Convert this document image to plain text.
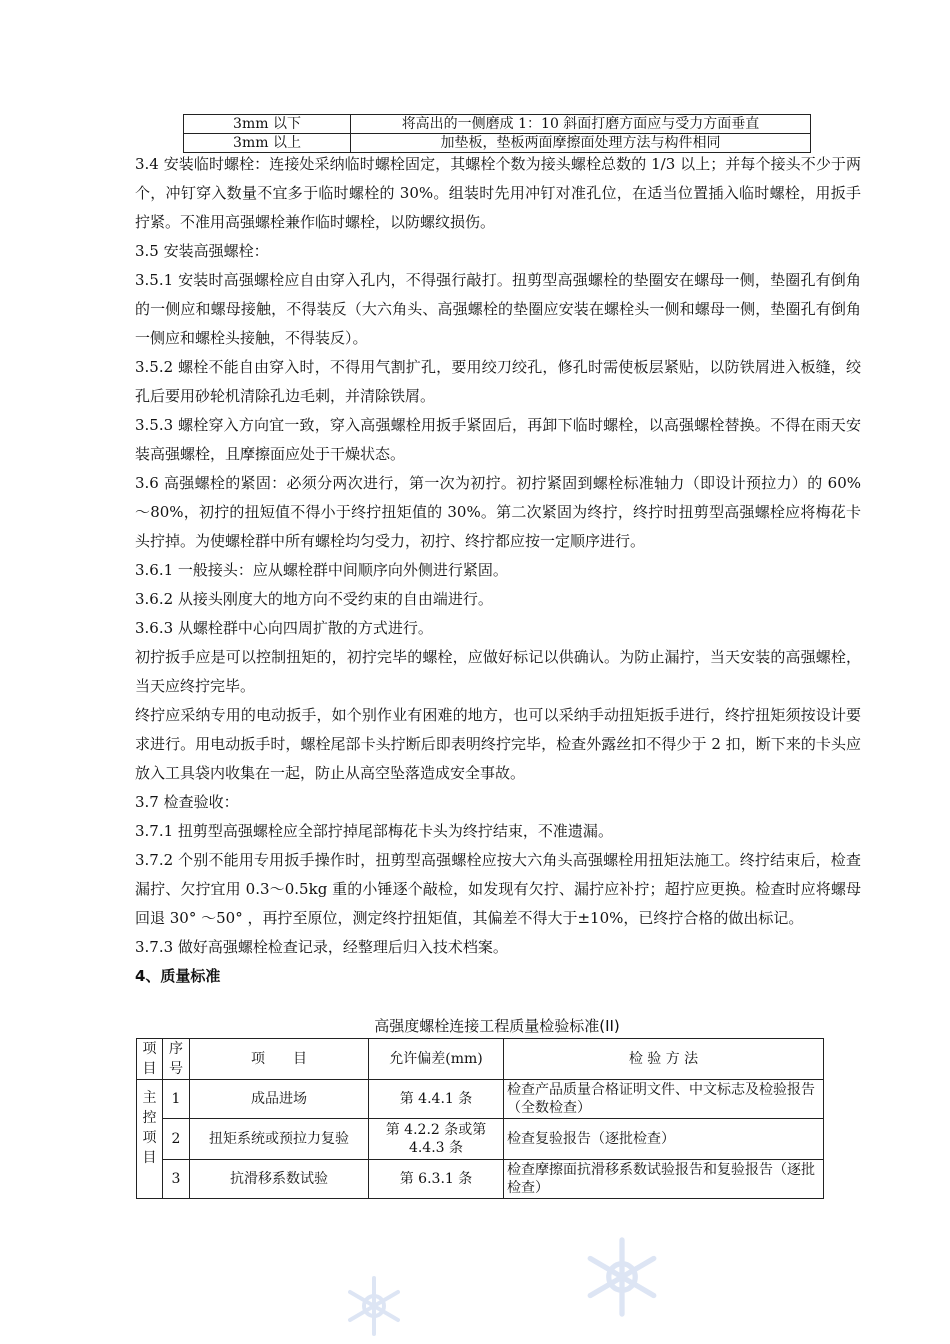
3mm 以下	将高出的一侧磨成 1：10 斜面打磨方面应与受力方面垂直
3mm 以上	加垫板，垫板两面摩擦面处理方法与构件相同

3.4 安装临时螺栓：连接处采纳临时螺栓固定，其螺栓个数为接头螺栓总数的 1/3 以上；并每个接头不少于两个，冲钉穿入数量不宜多于临时螺栓的 30%。组装时先用冲钉对准孔位，在适当位置插入临时螺栓，用扳手拧紧。不准用高强螺栓兼作临时螺栓，以防螺纹损伤。

3.5 安装高强螺栓：

3.5.1 安装时高强螺栓应自由穿入孔内，不得强行敲打。扭剪型高强螺栓的垫圈安在螺母一侧，垫圈孔有倒角的一侧应和螺母接触，不得装反（大六角头、高强螺栓的垫圈应安装在螺栓头一侧和螺母一侧，垫圈孔有倒角一侧应和螺栓头接触，不得装反）。

3.5.2 螺栓不能自由穿入时，不得用气割扩孔，要用绞刀绞孔，修孔时需使板层紧贴，以防铁屑进入板缝，绞孔后要用砂轮机清除孔边毛刺，并清除铁屑。

3.5.3 螺栓穿入方向宜一致，穿入高强螺栓用扳手紧固后，再卸下临时螺栓，以高强螺栓替换。不得在雨天安装高强螺栓，且摩擦面应处于干燥状态。

3.6 高强螺栓的紧固：必须分两次进行，第一次为初拧。初拧紧固到螺栓标准轴力（即设计预拉力）的 60%～80%，初拧的扭短值不得小于终拧扭矩值的 30%。第二次紧固为终拧，终拧时扭剪型高强螺栓应将梅花卡头拧掉。为使螺栓群中所有螺栓均匀受力，初拧、终拧都应按一定顺序进行。

3.6.1 一般接头：应从螺栓群中间顺序向外侧进行紧固。

3.6.2 从接头刚度大的地方向不受约束的自由端进行。

3.6.3 从螺栓群中心向四周扩散的方式进行。

初拧扳手应是可以控制扭矩的，初拧完毕的螺栓，应做好标记以供确认。为防止漏拧，当天安装的高强螺栓，当天应终拧完毕。

终拧应采纳专用的电动扳手，如个别作业有困难的地方，也可以采纳手动扭矩扳手进行，终拧扭矩须按设计要求进行。用电动扳手时，螺栓尾部卡头拧断后即表明终拧完毕，检查外露丝扣不得少于 2 扣，断下来的卡头应放入工具袋内收集在一起，防止从高空坠落造成安全事故。

3.7 检查验收：

3.7.1 扭剪型高强螺栓应全部拧掉尾部梅花卡头为终拧结束，不准遗漏。

3.7.2 个别不能用专用扳手操作时，扭剪型高强螺栓应按大六角头高强螺栓用扭矩法施工。终拧结束后，检查漏拧、欠拧宜用 0.3～0.5kg 重的小锤逐个敲检，如发现有欠拧、漏拧应补拧；超拧应更换。检查时应将螺母回退 30° ～50° ，再拧至原位，测定终拧扭矩值，其偏差不得大于±10%，已终拧合格的做出标记。

3.7.3 做好高强螺栓检查记录，经整理后归入技术档案。

4、质量标准

高强度螺栓连接工程质量检验标准(II)
项目	序号	项　　目	允许偏差(mm)	检 验 方 法
主控项目	1	成品进场	第 4.4.1 条	检查产品质量合格证明文件、中文标志及检验报告（全数检查）
	2	扭矩系统或预拉力复验	第 4.2.2 条或第 4.4.3 条	检查复验报告（逐批检查）
	3	抗滑移系数试验	第 6.3.1 条	检查摩擦面抗滑移系数试验报告和复验报告（逐批检查）
